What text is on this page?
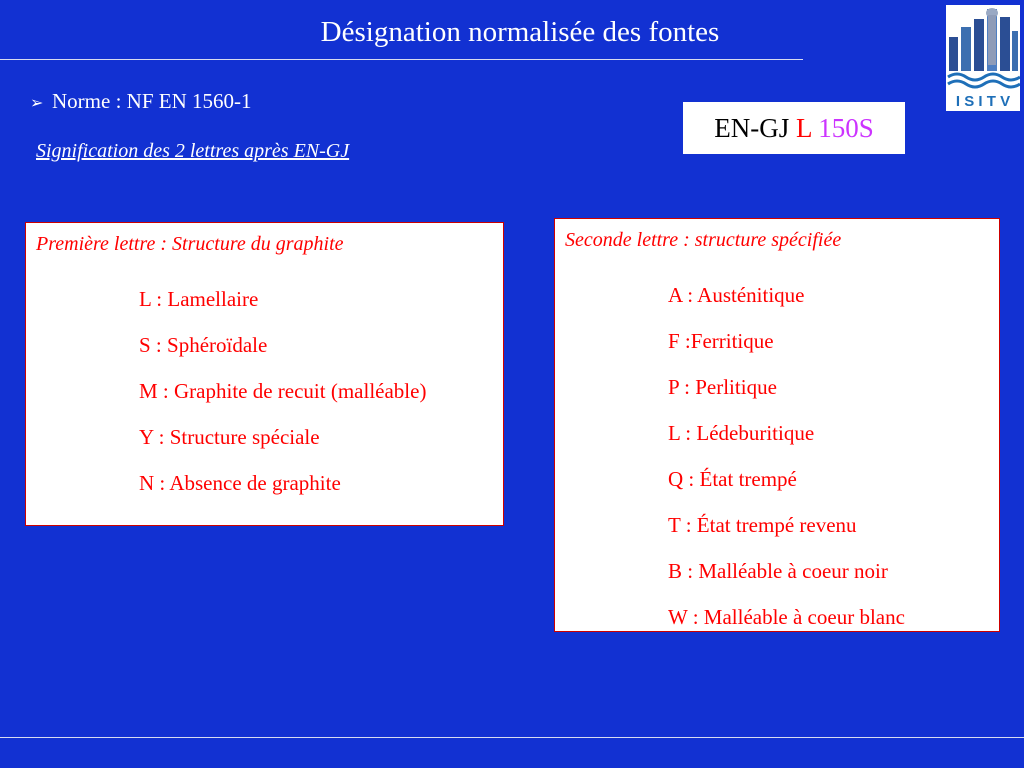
Désignation normalisée des fontes
I S I T V
➢ Norme : NF EN 1560-1
Signification des 2 lettres après EN-GJ
EN-GJ L 150S
Première lettre : Structure du graphite
L : Lamellaire
S : Sphéroïdale
M : Graphite de recuit (malléable)
Y : Structure spéciale
N : Absence de graphite
Seconde lettre : structure spécifiée
A : Austénitique
F :Ferritique
P : Perlitique
L : Lédeburitique
Q : État trempé
T : État trempé revenu
B : Malléable à coeur noir
W : Malléable à coeur blanc
